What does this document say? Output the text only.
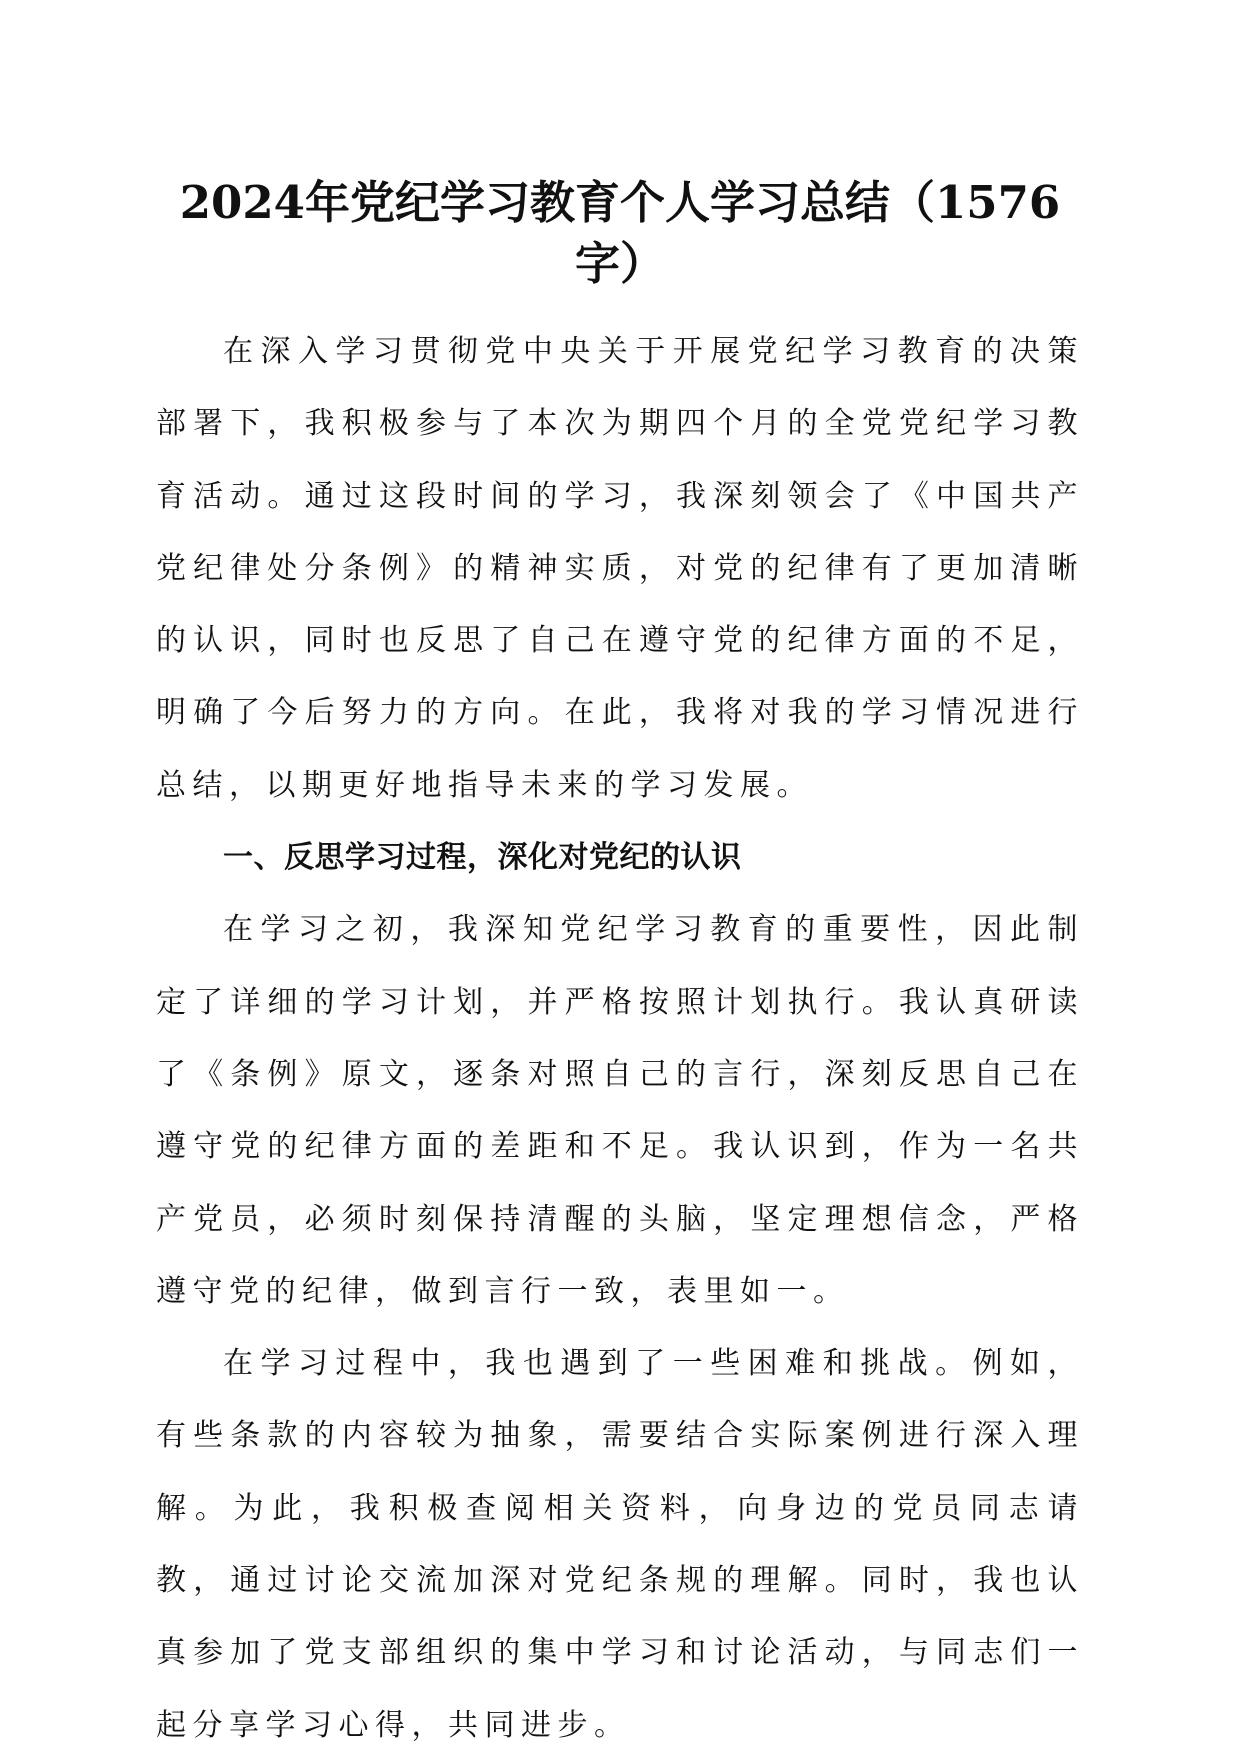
2024年党纪学习教育个人学习总结（1576字）

在深入学习贯彻党中央关于开展党纪学习教育的决策部署下，我积极参与了本次为期四个月的全党党纪学习教育活动。通过这段时间的学习，我深刻领会了《中国共产党纪律处分条例》的精神实质，对党的纪律有了更加清晰的认识，同时也反思了自己在遵守党的纪律方面的不足，明确了今后努力的方向。在此，我将对我的学习情况进行总结，以期更好地指导未来的学习发展。

一、反思学习过程，深化对党纪的认识

在学习之初，我深知党纪学习教育的重要性，因此制定了详细的学习计划，并严格按照计划执行。我认真研读了《条例》原文，逐条对照自己的言行，深刻反思自己在遵守党的纪律方面的差距和不足。我认识到，作为一名共产党员，必须时刻保持清醒的头脑，坚定理想信念，严格遵守党的纪律，做到言行一致，表里如一。

在学习过程中，我也遇到了一些困难和挑战。例如，有些条款的内容较为抽象，需要结合实际案例进行深入理解。为此，我积极查阅相关资料，向身边的党员同志请教，通过讨论交流加深对党纪条规的理解。同时，我也认真参加了党支部组织的集中学习和讨论活动，与同志们一起分享学习心得，共同进步。
